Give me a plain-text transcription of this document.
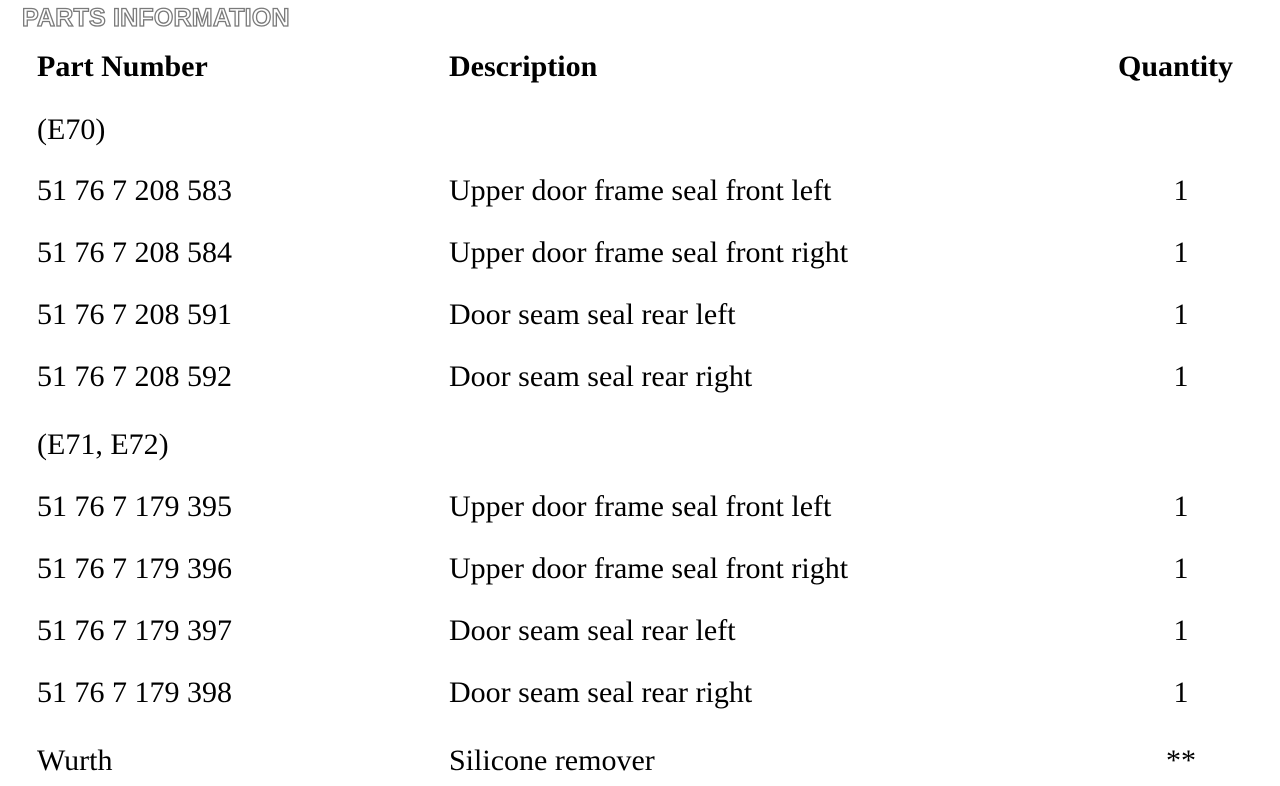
PARTS INFORMATION
Part Number	Description	Quantity
(E70)
51 76 7 208 583	Upper door frame seal front left	1
51 76 7 208 584	Upper door frame seal front right	1
51 76 7 208 591	Door seam seal rear left	1
51 76 7 208 592	Door seam seal rear right	1
(E71, E72)
51 76 7 179 395	Upper door frame seal front left	1
51 76 7 179 396	Upper door frame seal front right	1
51 76 7 179 397	Door seam seal rear left	1
51 76 7 179 398	Door seam seal rear right	1
Wurth	Silicone remover	**
